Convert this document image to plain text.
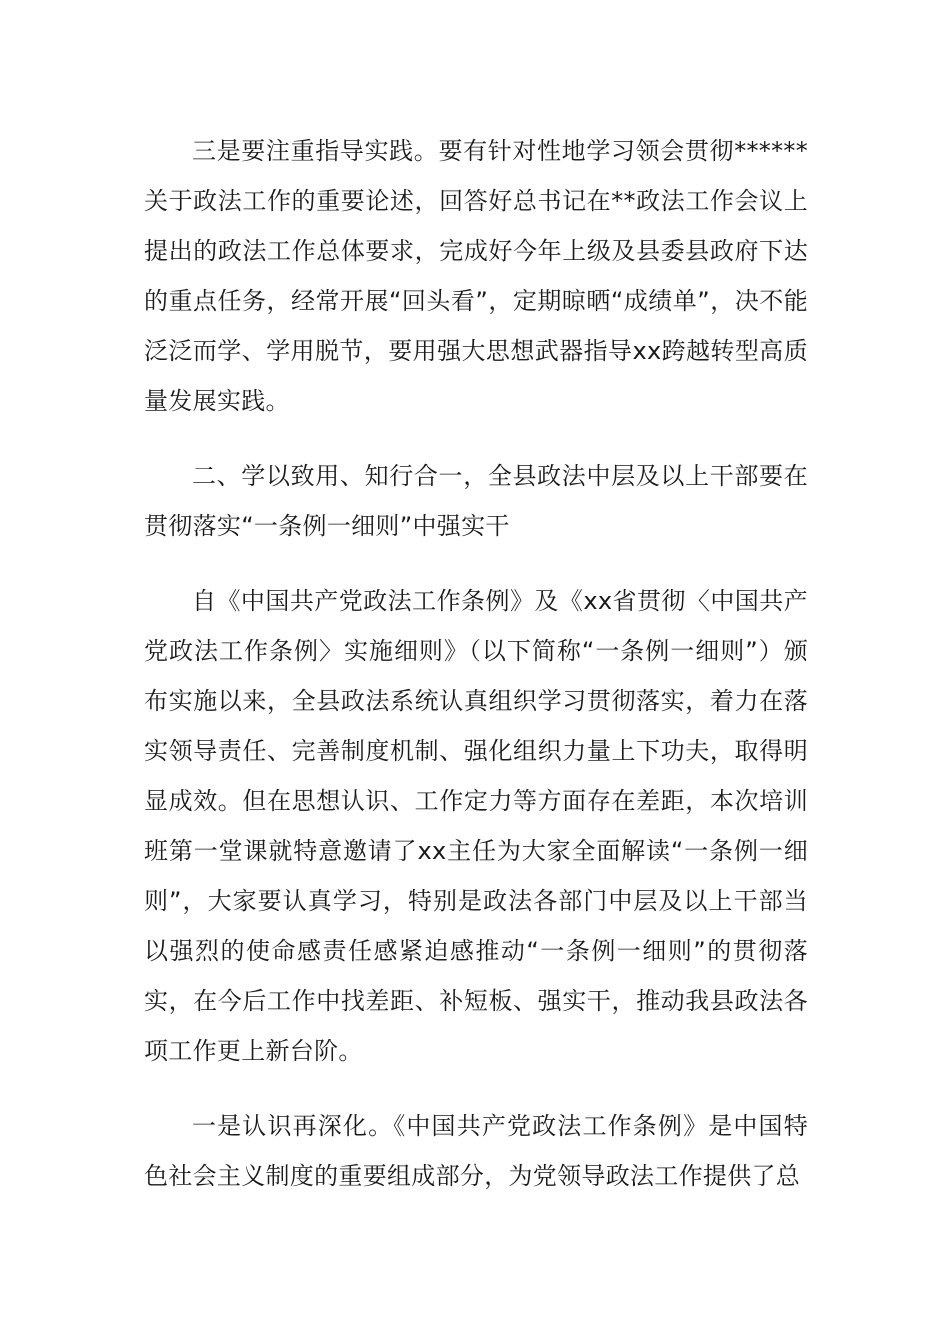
三是要注重指导实践。要有针对性地学习领会贯彻******关于政法工作的重要论述，回答好总书记在**政法工作会议上提出的政法工作总体要求，完成好今年上级及县委县政府下达的重点任务，经常开展“回头看”，定期晾晒“成绩单”，决不能泛泛而学、学用脱节，要用强大思想武器指导xx跨越转型高质量发展实践。

二、学以致用、知行合一，全县政法中层及以上干部要在贯彻落实“一条例一细则”中强实干

自《中国共产党政法工作条例》及《xx省贯彻〈中国共产党政法工作条例〉实施细则》（以下简称“一条例一细则”）颁布实施以来，全县政法系统认真组织学习贯彻落实，着力在落实领导责任、完善制度机制、强化组织力量上下功夫，取得明显成效。但在思想认识、工作定力等方面存在差距，本次培训班第一堂课就特意邀请了xx主任为大家全面解读“一条例一细则”，大家要认真学习，特别是政法各部门中层及以上干部当以强烈的使命感责任感紧迫感推动“一条例一细则”的贯彻落实，在今后工作中找差距、补短板、强实干，推动我县政法各项工作更上新台阶。

一是认识再深化。《中国共产党政法工作条例》是中国特色社会主义制度的重要组成部分，为党领导政法工作提供了总
